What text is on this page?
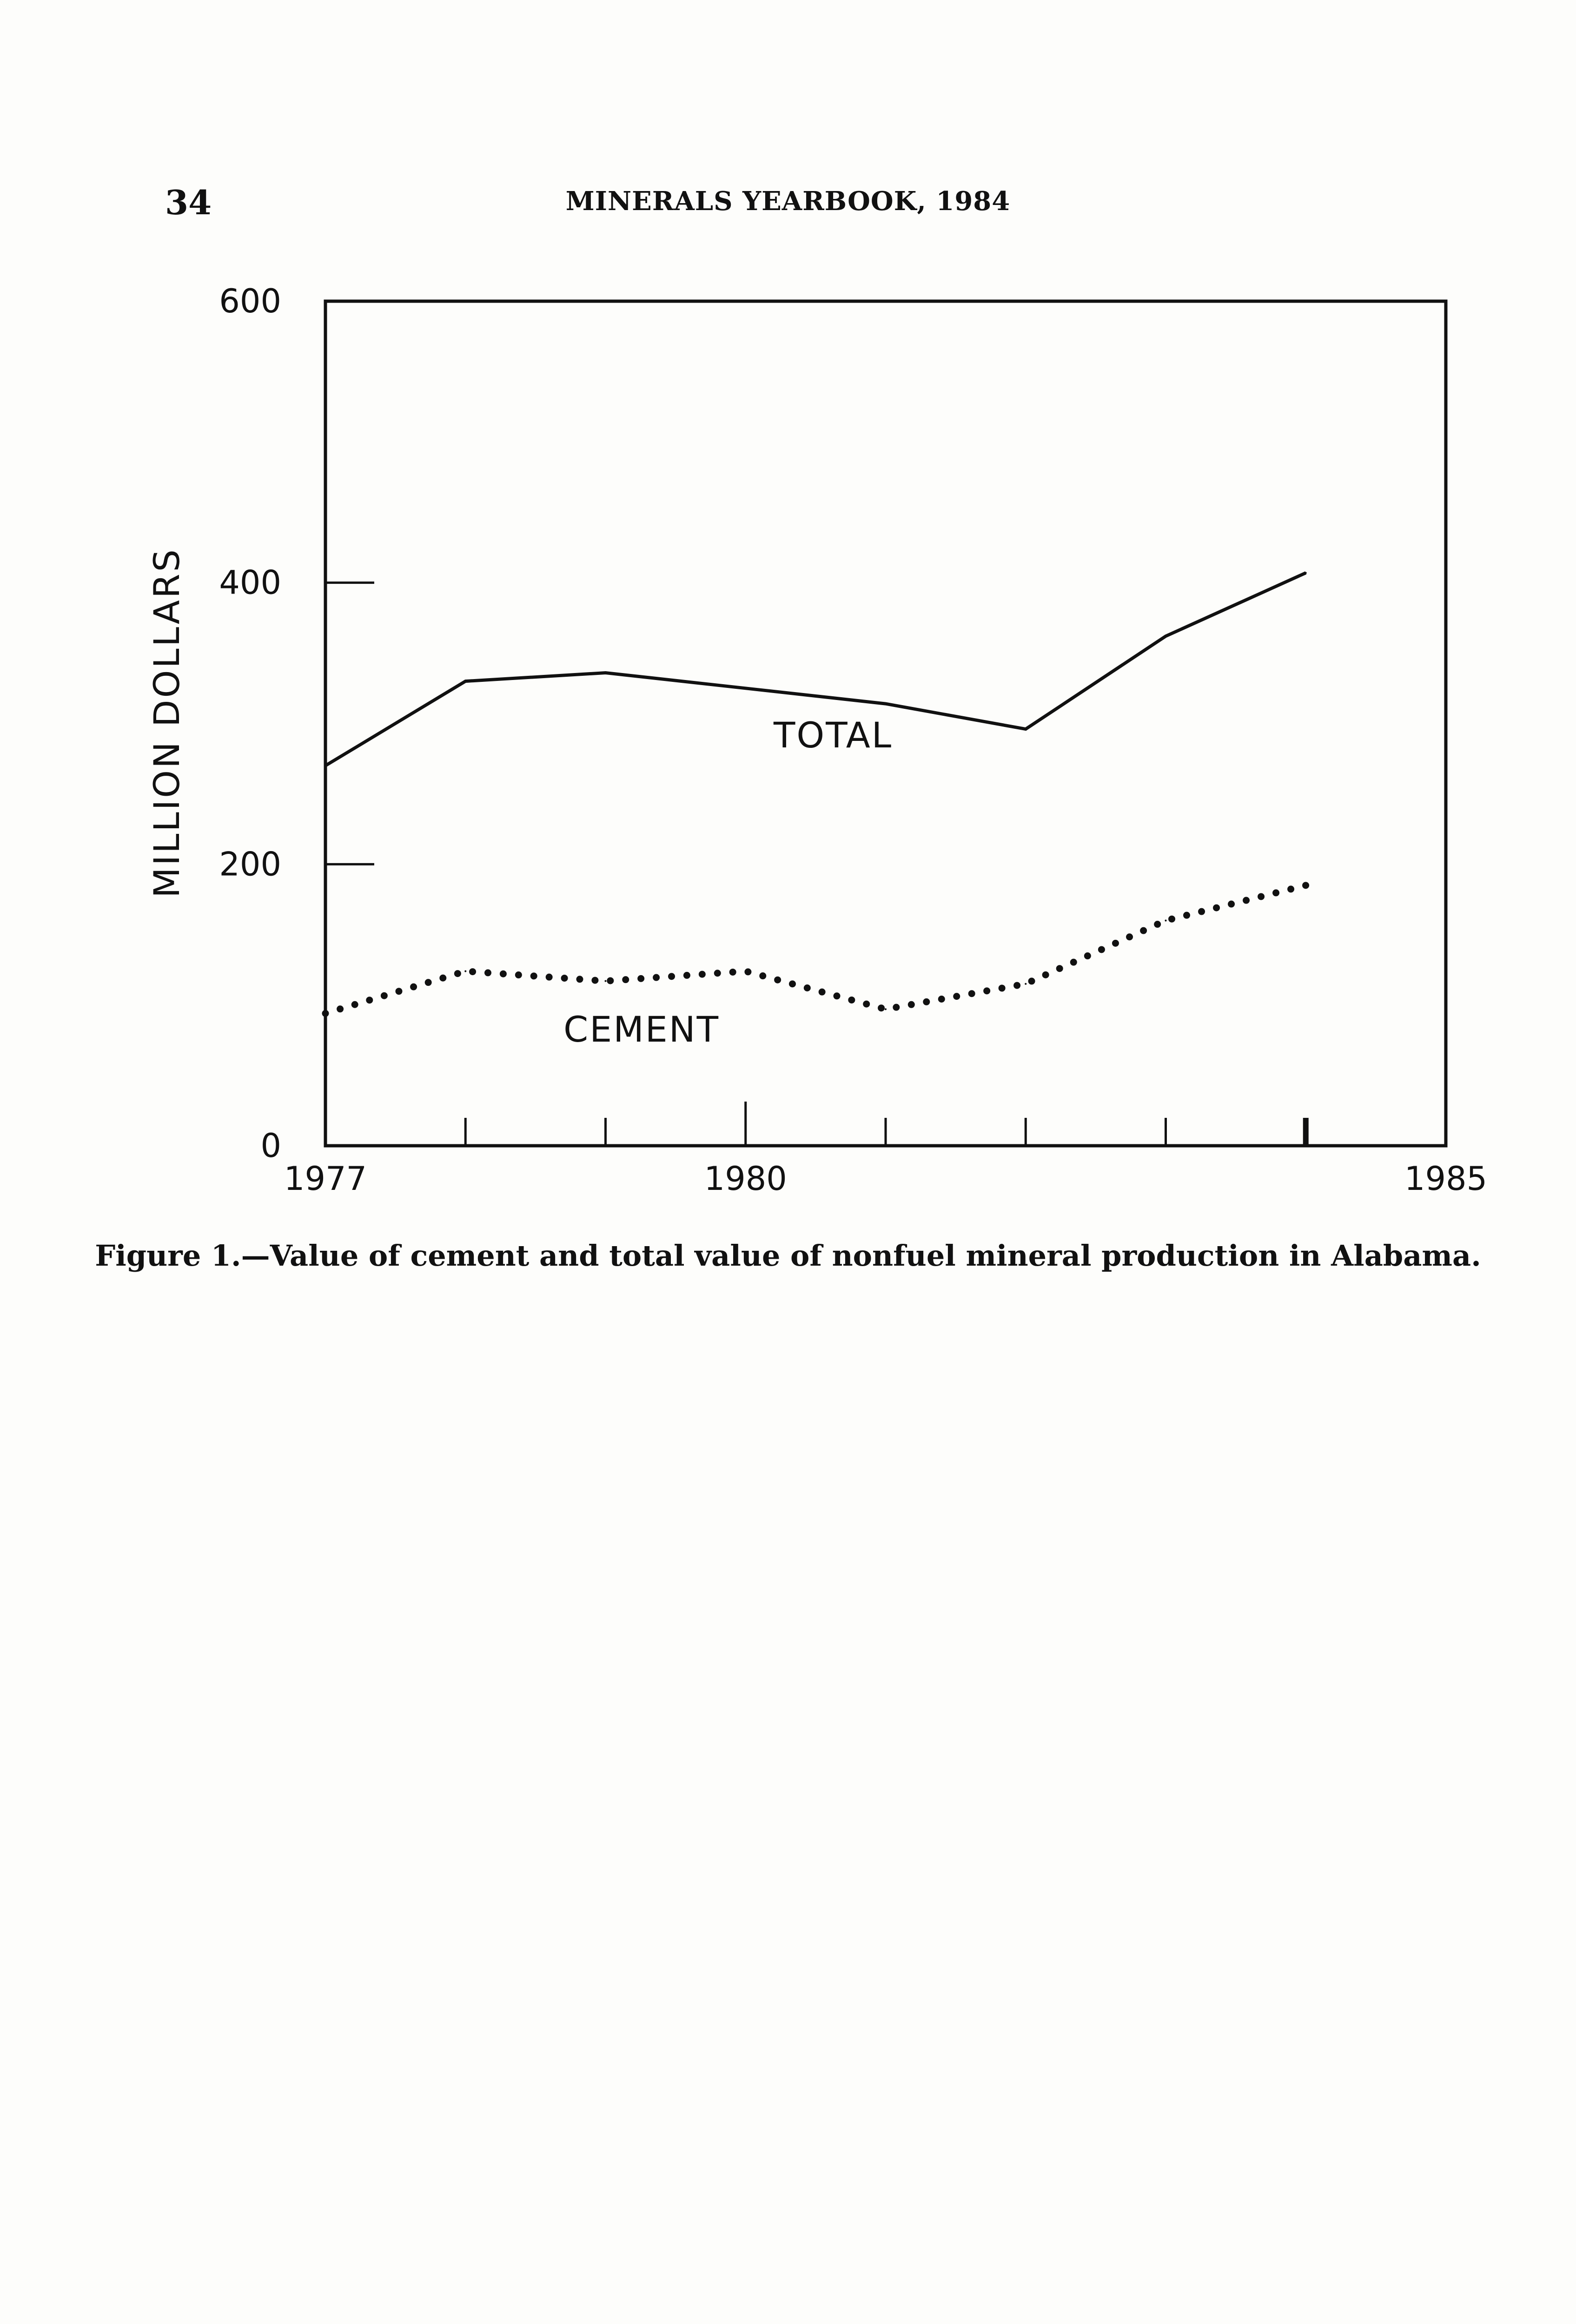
34	MINERALS YEARBOOK, 1984
0
200
400
600
1977	1980	1985
MILLION DOLLARS	TOTAL
CEMENT
Figure 1.—Value of cement and total value of nonfuel mineral production in Alabama.
